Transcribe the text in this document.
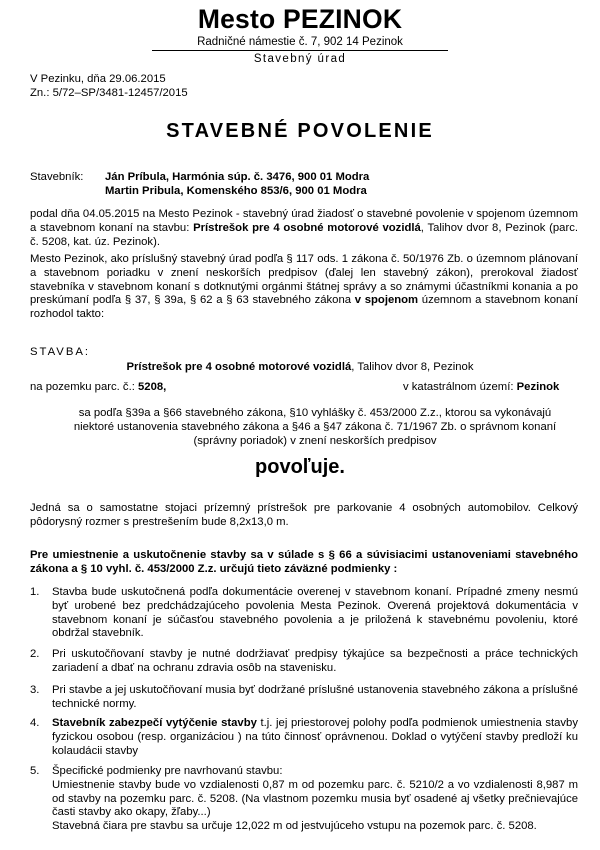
Mesto PEZINOK
Radničné námestie č. 7, 902 14 Pezinok
Stavebný úrad
V Pezinku, dňa 29.06.2015
Zn.: 5/72–SP/3481-12457/2015
STAVEBNÉ POVOLENIE
Stavebník: Ján Príbula, Harmónia súp. č. 3476, 900 01 Modra
Martin Pribula, Komenského 853/6, 900 01 Modra

podal dňa 04.05.2015 na Mesto Pezinok - stavebný úrad žiadosť o stavebné povolenie v spojenom územnom a stavebnom konaní na stavbu: Prístrešok pre 4 osobné motorové vozidlá, Talihov dvor 8, Pezinok (parc. č. 5208, kat. úz. Pezinok).

Mesto Pezinok, ako príslušný stavebný úrad podľa § 117 ods. 1 zákona č. 50/1976 Zb. o územnom plánovaní a stavebnom poriadku v znení neskorších predpisov (ďalej len stavebný zákon), prerokoval žiadosť stavebníka v stavebnom konaní s dotknutými orgánmi štátnej správy a so známymi účastníkmi konania a po preskúmaní podľa § 37, § 39a, § 62 a § 63 stavebného zákona v spojenom územnom a stavebnom konaní rozhodol takto:

STAVBA:
Prístrešok pre 4 osobné motorové vozidlá, Talihov dvor 8, Pezinok
na pozemku parc. č.: 5208,	v katastrálnom území: Pezinok
sa podľa §39a a §66 stavebného zákona, §10 vyhlášky č. 453/2000 Z.z., ktorou sa vykonávajú niektoré ustanovenia stavebného zákona a §46 a §47 zákona č. 71/1967 Zb. o správnom konaní (správny poriadok) v znení neskorších predpisov
povoľuje.
Jedná sa o samostatne stojaci prízemný prístrešok pre parkovanie 4 osobných automobilov. Celkový pôdorysný rozmer s prestrešením bude 8,2x13,0 m.
Pre umiestnenie a uskutočnenie stavby sa v súlade s § 66 a súvisiacimi ustanoveniami stavebného zákona a § 10 vyhl. č. 453/2000 Z.z. určujú tieto záväzné podmienky :
1. Stavba bude uskutočnená podľa dokumentácie overenej v stavebnom konaní. Prípadné zmeny nesmú byť urobené bez predchádzajúceho povolenia Mesta Pezinok. Overená projektová dokumentácia v stavebnom konaní je súčasťou stavebného povolenia a je priložená k stavebnému povoleniu, ktoré obdržal stavebník.
2. Pri uskutočňovaní stavby je nutné dodržiavať predpisy týkajúce sa bezpečnosti a práce technických zariadení a dbať na ochranu zdravia osôb na stavenisku.
3. Pri stavbe a jej uskutočňovaní musia byť dodržané príslušné ustanovenia stavebného zákona a príslušné technické normy.
4. Stavebník zabezpečí vytýčenie stavby t.j. jej priestorovej polohy podľa podmienok umiestnenia stavby fyzickou osobou (resp. organizáciou ) na túto činnosť oprávnenou. Doklad o vytýčení stavby predloží ku kolaudácii stavby
5. Špecifické podmienky pre navrhovanú stavbu:
Umiestnenie stavby bude vo vzdialenosti 0,87 m od pozemku parc. č. 5210/2 a vo vzdialenosti 8,987 m od stavby na pozemku parc. č. 5208. (Na vlastnom pozemku musia byť osadené aj všetky prečnievajúce časti stavby ako okapy, žľaby...)
Stavebná čiara pre stavbu sa určuje 12,022 m od jestvujúceho vstupu na pozemok parc. č. 5208.
